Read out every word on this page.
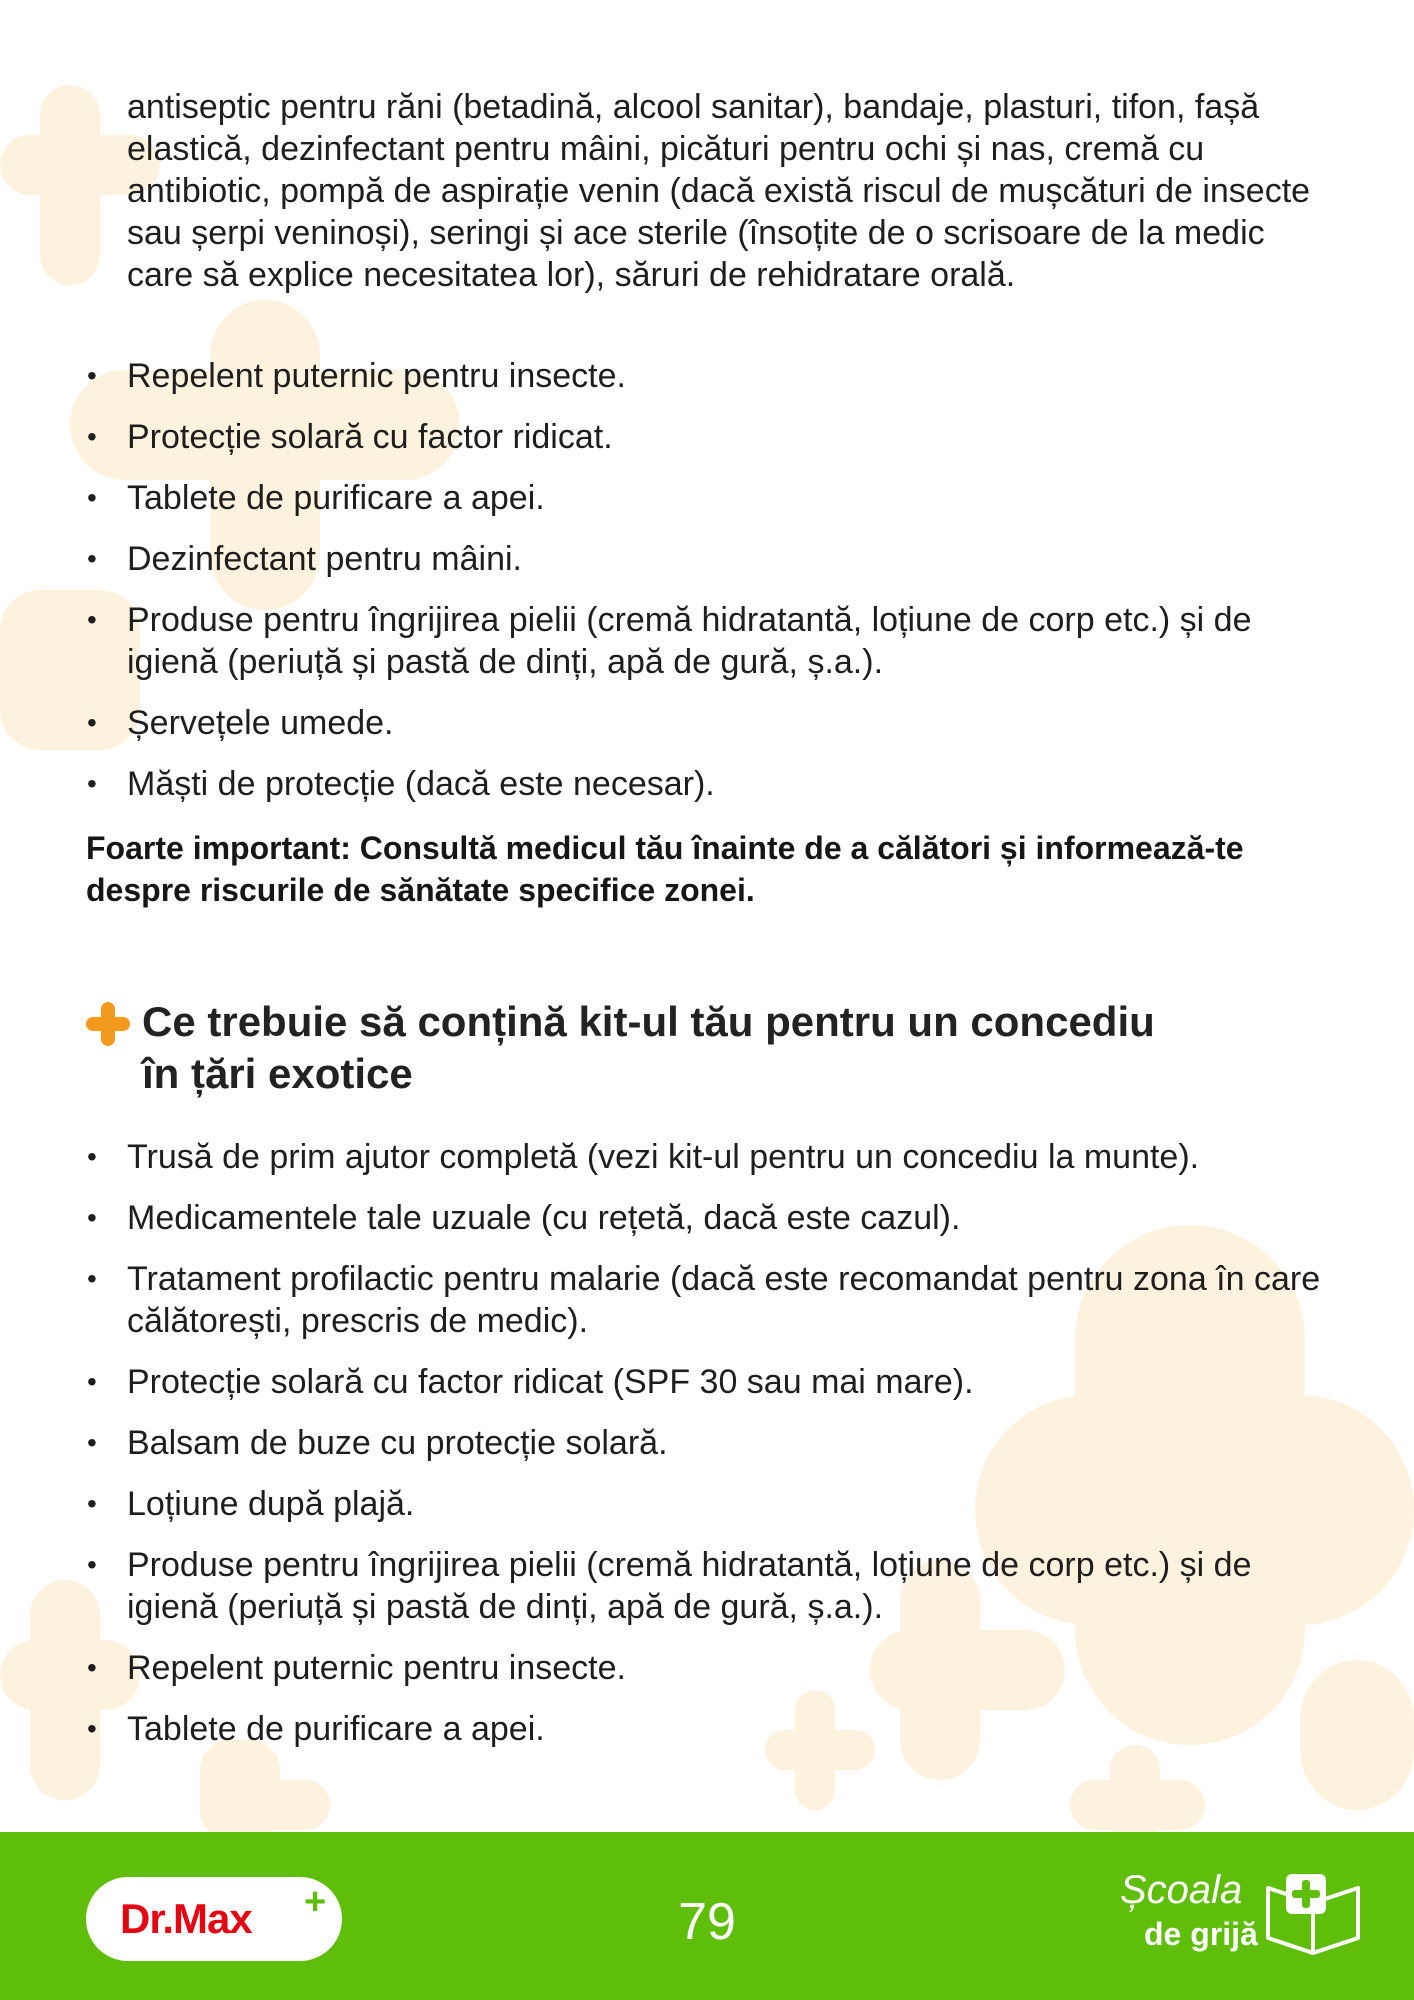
antiseptic pentru răni (betadină, alcool sanitar), bandaje, plasturi, tifon, fașă elastică, dezinfectant pentru mâini, picături pentru ochi și nas, cremă cu antibiotic, pompă de aspirație venin (dacă există riscul de mușcături de insecte sau șerpi veninoși), seringi și ace sterile (însoțite de o scrisoare de la medic care să explice necesitatea lor), săruri de rehidratare orală.

• Repelent puternic pentru insecte.
• Protecție solară cu factor ridicat.
• Tablete de purificare a apei.
• Dezinfectant pentru mâini.
• Produse pentru îngrijirea pielii (cremă hidratantă, loțiune de corp etc.) și de igienă (periuță și pastă de dinți, apă de gură, ș.a.).
• Șervețele umede.
• Măști de protecție (dacă este necesar).

Foarte important: Consultă medicul tău înainte de a călători și informează-te despre riscurile de sănătate specifice zonei.

Ce trebuie să conțină kit-ul tău pentru un concediu
în țări exotice
• Trusă de prim ajutor completă (vezi kit-ul pentru un concediu la munte).
• Medicamentele tale uzuale (cu rețetă, dacă este cazul).
• Tratament profilactic pentru malarie (dacă este recomandat pentru zona în care călătorești, prescris de medic).
• Protecție solară cu factor ridicat (SPF 30 sau mai mare).
• Balsam de buze cu protecție solară.
• Loțiune după plajă.
• Produse pentru îngrijirea pielii (cremă hidratantă, loțiune de corp etc.) și de igienă (periuță și pastă de dinți, apă de gură, ș.a.).
• Repelent puternic pentru insecte.
• Tablete de purificare a apei.
Dr.Max +	79
Școala
de grijă
